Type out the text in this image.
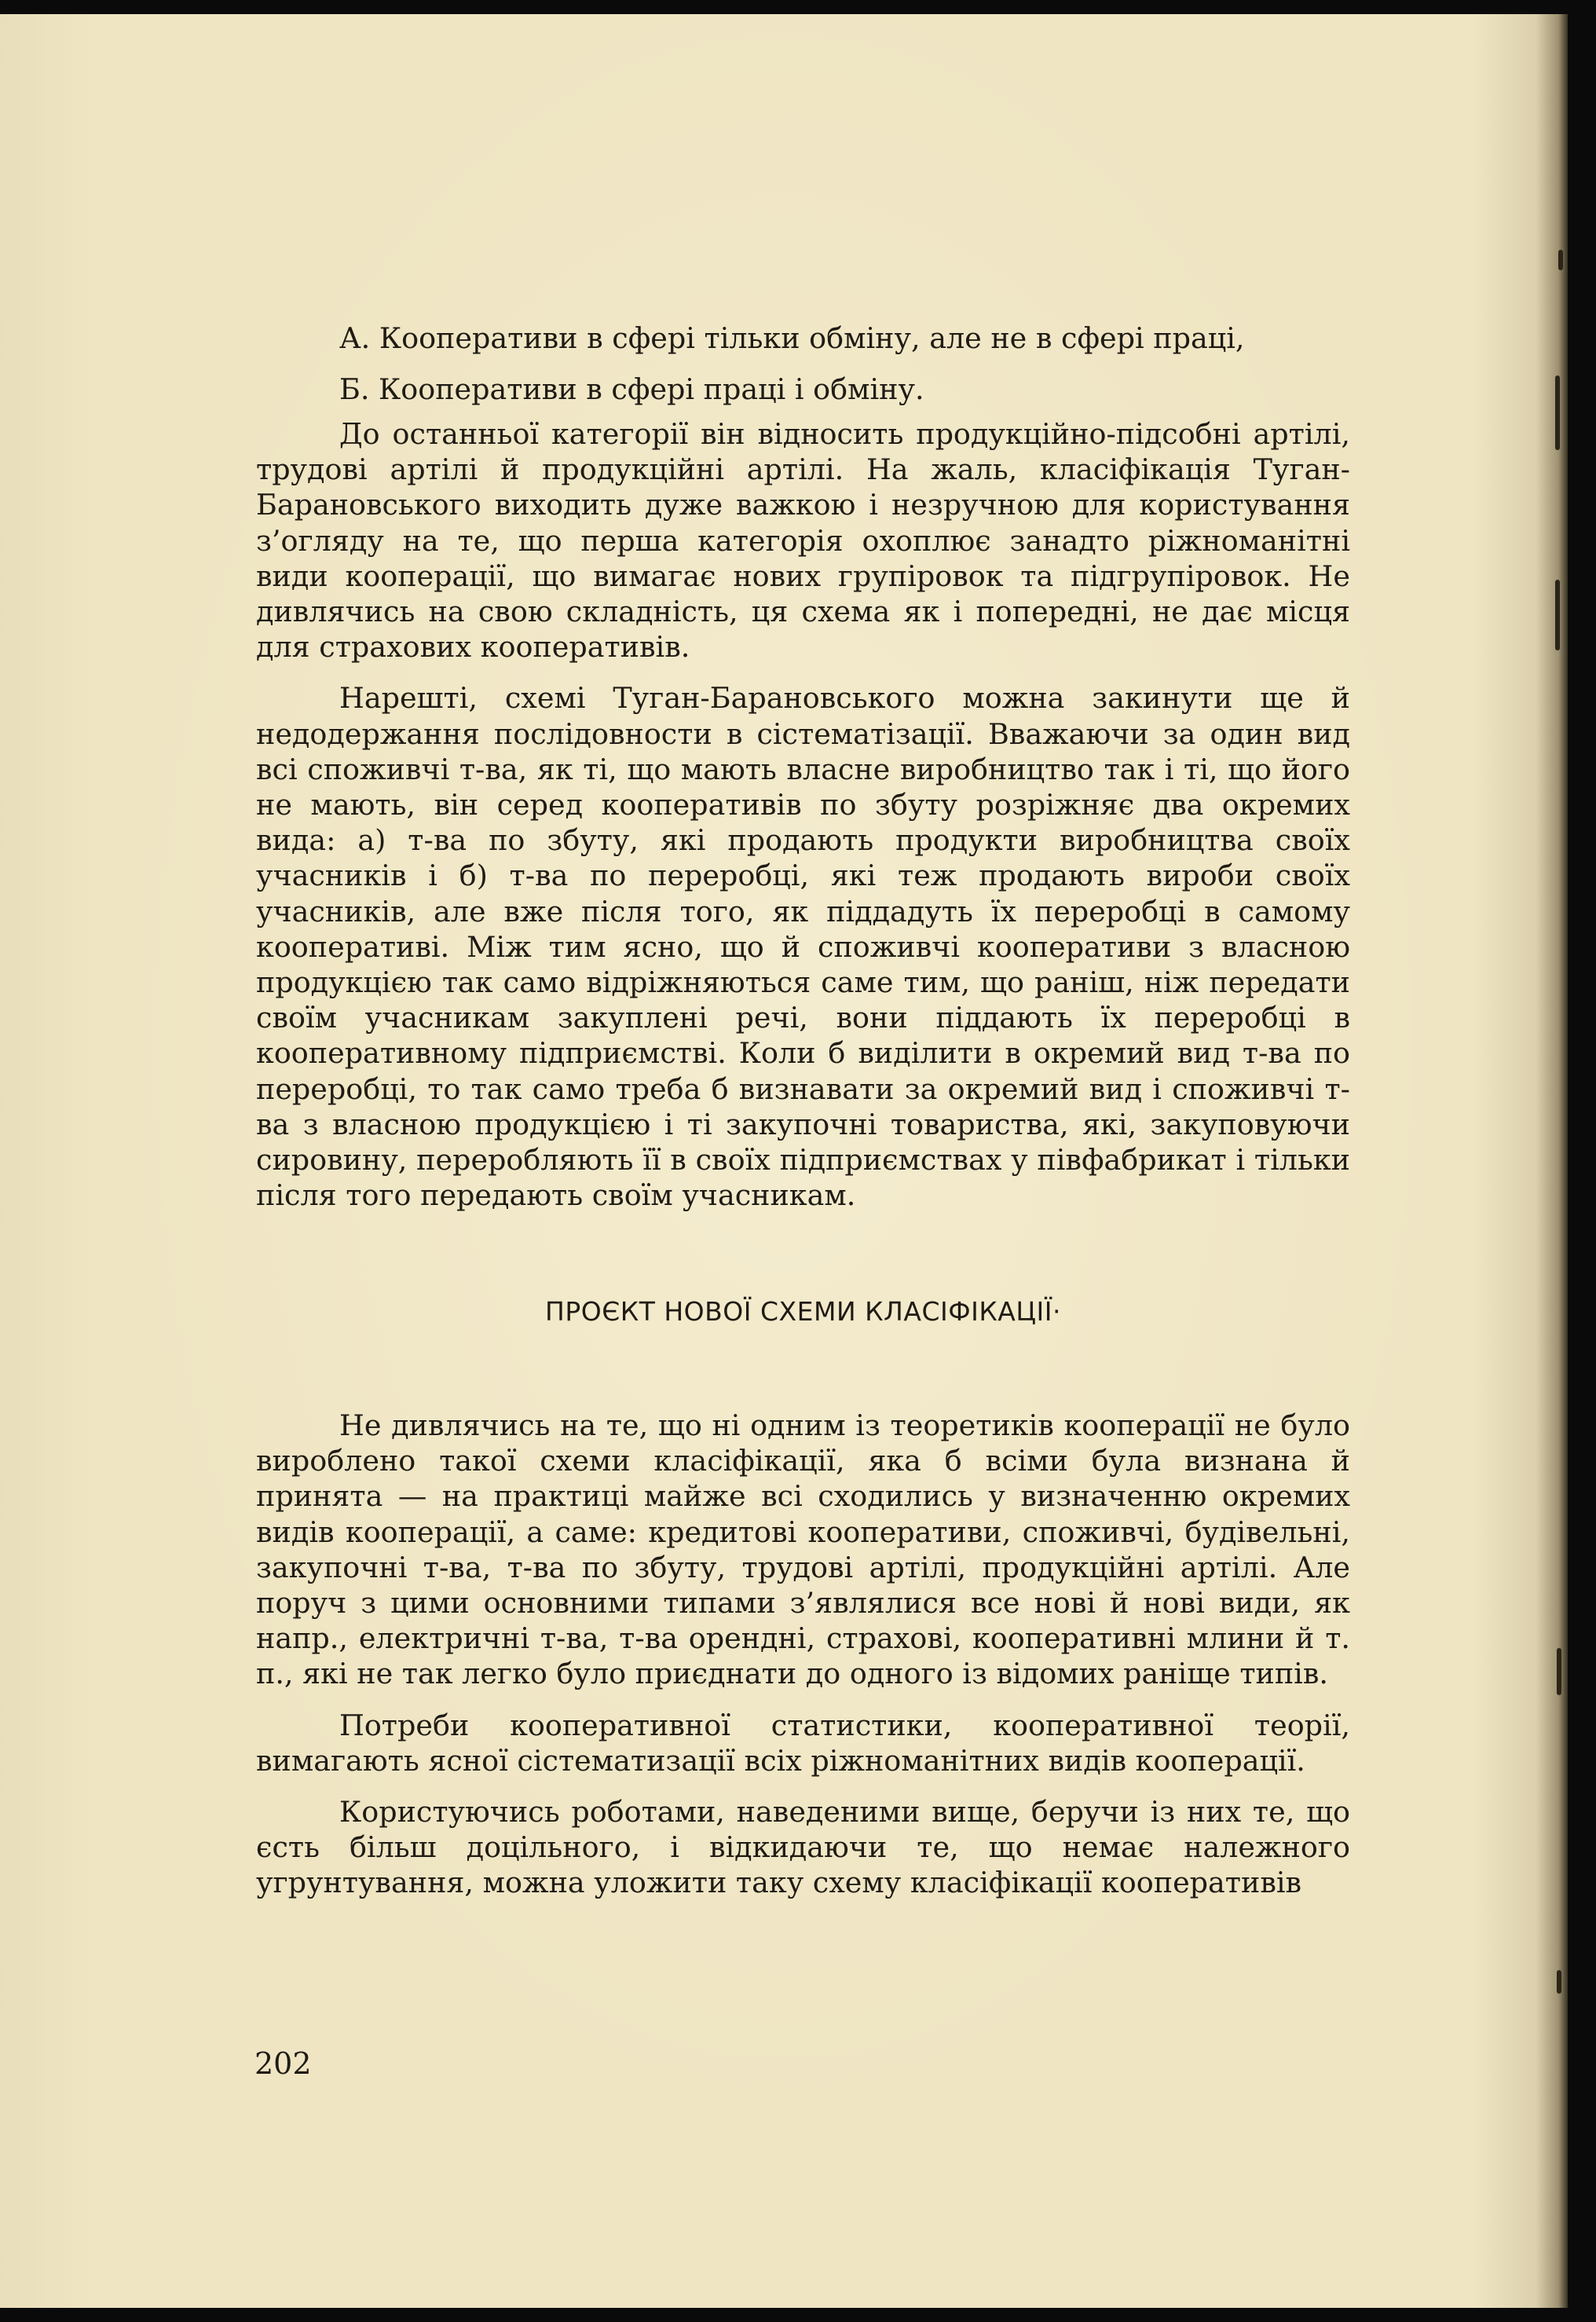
А. Кооперативи в сфері тільки обміну, але не в сфері праці,

Б. Кооперативи в сфері праці і обміну.

До останньої категорії він відносить продукційно-підсобні артілі, трудові артілі й продукційні артілі. На жаль, класіфікація Туган-Барановського виходить дуже важкою і незручною для користування з’огляду на те, що перша категорія охоплює занадто ріжноманітні види кооперації, що вимагає нових групіровок та підгрупіровок. Не дивлячись на свою складність, ця схема як і попередні, не дає місця для страхових кооперативів.

Нарешті, схемі Туган-Барановського можна закинути ще й недодержання послідовности в сістематізації. Вважаючи за один вид всі споживчі т-ва, як ті, що мають власне виробництво так і ті, що його не мають, він серед кооперативів по збуту розріжняє два окремих вида: а) т-ва по збуту, які продають продукти виробництва своїх учасників і б) т-ва по переробці, які теж продають вироби своїх учасників, але вже після того, як піддадуть їх переробці в самому кооперативі. Між тим ясно, що й споживчі кооперативи з власною продукцією так само відріжняються саме тим, що раніш, ніж передати своїм учасникам закуплені речі, вони піддають їх переробці в кооперативному підприємстві. Коли б виділити в окремий вид т-ва по переробці, то так само треба б визнавати за окремий вид і споживчі т-ва з власною продукцією і ті закупочні товариства, які, закуповуючи сировину, переробляють її в своїх підприємствах у півфабрикат і тільки після того передають своїм учасникам.

ПРОЄКТ НОВОЇ СХЕМИ КЛАСІФІКАЦІЇ·

Не дивлячись на те, що ні одним із теоретиків кооперації не було вироблено такої схеми класіфікації, яка б всіми була визнана й принята — на практиці майже всі сходились у визначенню окремих видів кооперації, а саме: кредитові кооперативи, споживчі, будівельні, закупочні т-ва, т-ва по збуту, трудові артілі, продукційні артілі. Але поруч з цими основними типами з’являлися все нові й нові види, як напр., електричні т-ва, т-ва орендні, страхові, кооперативні млини й т. п., які не так легко було приєднати до одного із відомих раніще типів.

Потреби кооперативної статистики, кооперативної теорії, вимагають ясної сістематизації всіх ріжноманітних видів кооперації.

Користуючись роботами, наведеними вище, беручи із них те, що єсть більш доцільного, і відкидаючи те, що немає належного угрунтування, можна уложити таку схему класіфікації кооперативів

202
